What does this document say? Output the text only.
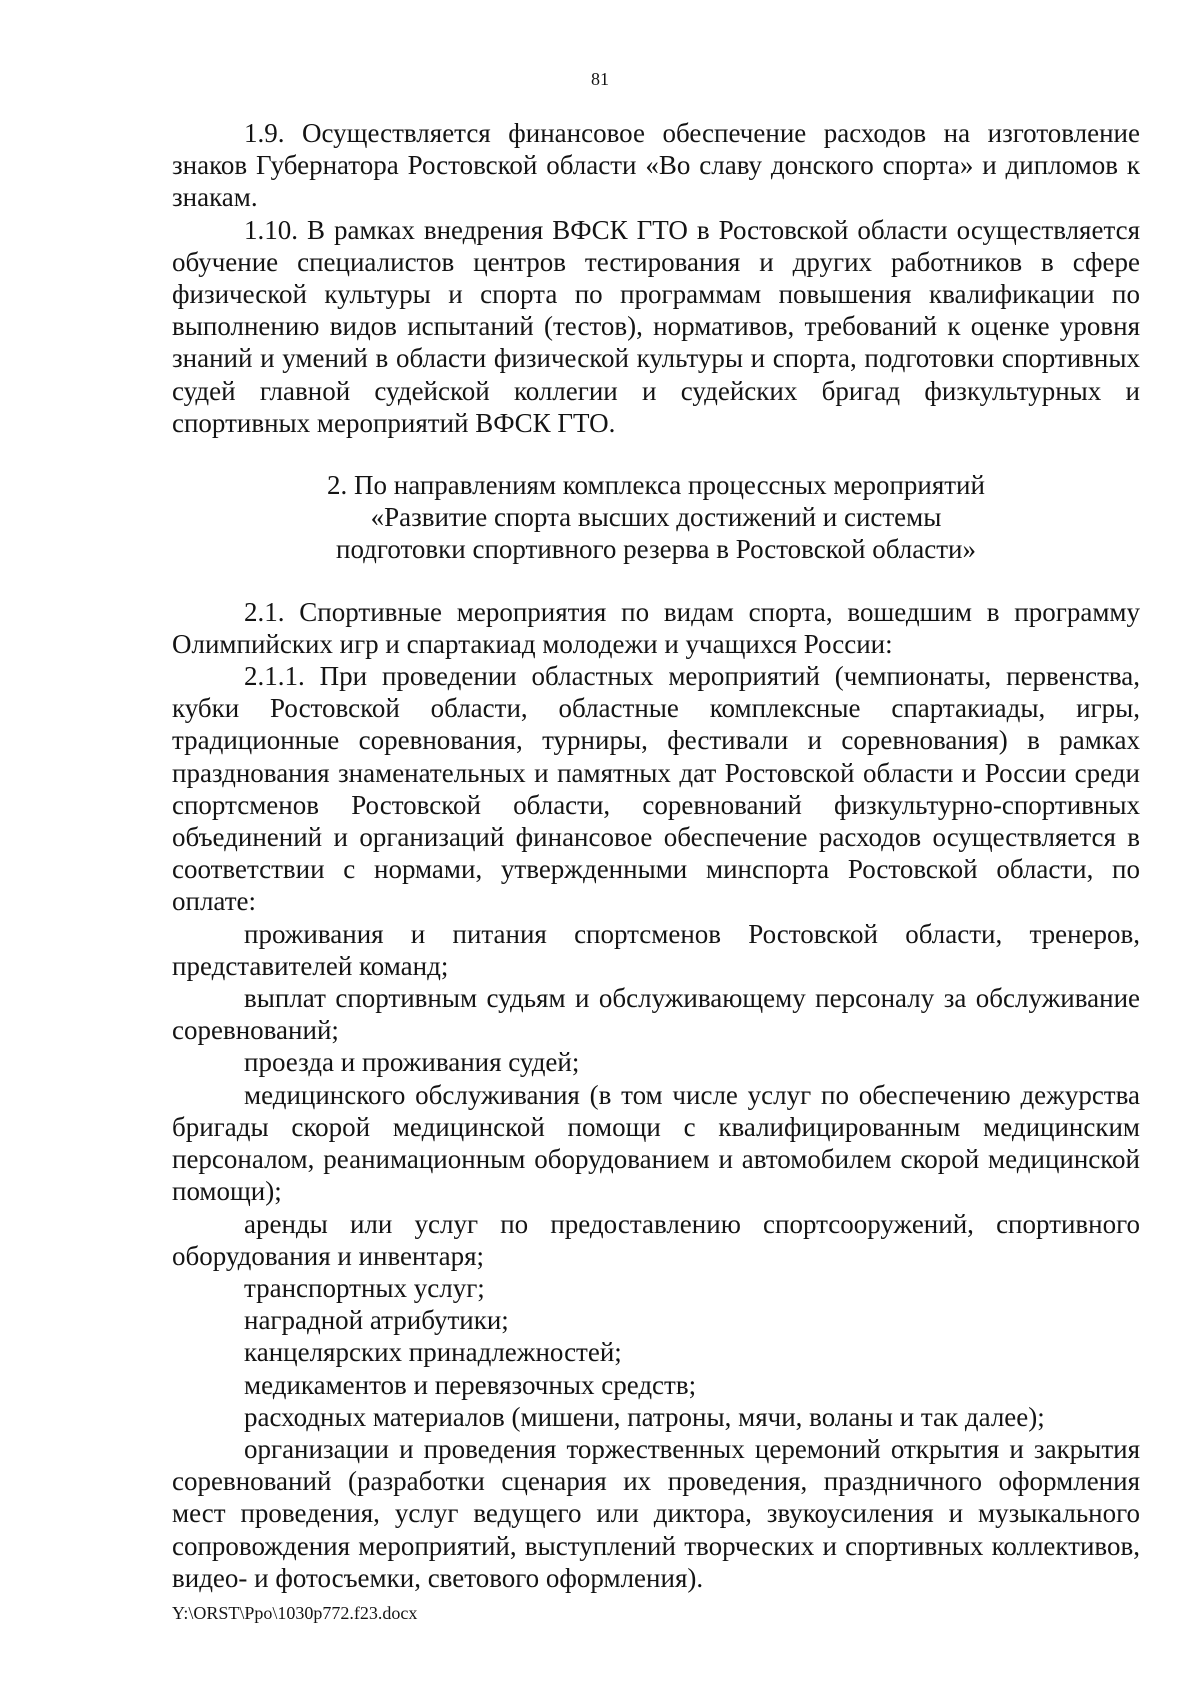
81

1.9. Осуществляется финансовое обеспечение расходов на изготовление знаков Губернатора Ростовской области «Во славу донского спорта» и дипломов к знакам.

1.10. В рамках внедрения ВФСК ГТО в Ростовской области осуществляется обучение специалистов центров тестирования и других работников в сфере физической культуры и спорта по программам повышения квалификации по выполнению видов испытаний (тестов), нормативов, требований к оценке уровня знаний и умений в области физической культуры и спорта, подготовки спортивных судей главной судейской коллегии и судейских бригад физкультурных и спортивных мероприятий ВФСК ГТО.

2. По направлениям комплекса процессных мероприятий
«Развитие спорта высших достижений и системы
подготовки спортивного резерва в Ростовской области»

2.1. Спортивные мероприятия по видам спорта, вошедшим в программу Олимпийских игр и спартакиад молодежи и учащихся России:

2.1.1. При проведении областных мероприятий (чемпионаты, первенства, кубки Ростовской области, областные комплексные спартакиады, игры, традиционные соревнования, турниры, фестивали и соревнования) в рамках празднования знаменательных и памятных дат Ростовской области и России среди спортсменов Ростовской области, соревнований физкультурно-спортивных объединений и организаций финансовое обеспечение расходов осуществляется в соответствии с нормами, утвержденными минспорта Ростовской области, по оплате:

проживания и питания спортсменов Ростовской области, тренеров, представителей команд;

выплат спортивным судьям и обслуживающему персоналу за обслуживание соревнований;

проезда и проживания судей;

медицинского обслуживания (в том числе услуг по обеспечению дежурства бригады скорой медицинской помощи с квалифицированным медицинским персоналом, реанимационным оборудованием и автомобилем скорой медицинской помощи);

аренды или услуг по предоставлению спортсооружений, спортивного оборудования и инвентаря;

транспортных услуг;

наградной атрибутики;

канцелярских принадлежностей;

медикаментов и перевязочных средств;

расходных материалов (мишени, патроны, мячи, воланы и так далее);

организации и проведения торжественных церемоний открытия и закрытия соревнований (разработки сценария их проведения, праздничного оформления мест проведения, услуг ведущего или диктора, звукоусиления и музыкального сопровождения мероприятий, выступлений творческих и спортивных коллективов, видео- и фотосъемки, светового оформления).

Y:\ORST\Ppo\1030p772.f23.docx
